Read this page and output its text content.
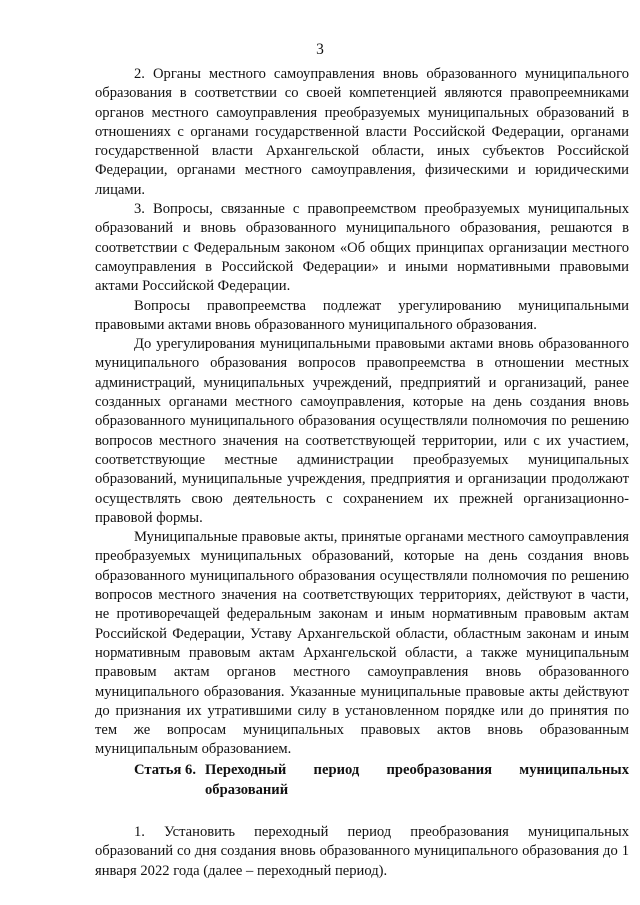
3

2. Органы местного самоуправления вновь образованного муниципального образования в соответствии со своей компетенцией являются правопреемниками органов местного самоуправления преобразуемых муниципальных образований в отношениях с органами государственной власти Российской Федерации, органами государственной власти Архангельской области, иных субъектов Российской Федерации, органами местного самоуправления, физическими и юридическими лицами.

3. Вопросы, связанные с правопреемством преобразуемых муниципальных образований и вновь образованного муниципального образования, решаются в соответствии с Федеральным законом «Об общих принципах организации местного самоуправления в Российской Федерации» и иными нормативными правовыми актами Российской Федерации.

Вопросы правопреемства подлежат урегулированию муниципальными правовыми актами вновь образованного муниципального образования.

До урегулирования муниципальными правовыми актами вновь образованного муниципального образования вопросов правопреемства в отношении местных администраций, муниципальных учреждений, предприятий и организаций, ранее созданных органами местного самоуправления, которые на день создания вновь образованного муниципального образования осуществляли полномочия по решению вопросов местного значения на соответствующей территории, или с их участием, соответствующие местные администрации преобразуемых муниципальных образований, муниципальные учреждения, предприятия и организации продолжают осуществлять свою деятельность с сохранением их прежней организационно-правовой формы.

Муниципальные правовые акты, принятые органами местного самоуправления преобразуемых муниципальных образований, которые на день создания вновь образованного муниципального образования осуществляли полномочия по решению вопросов местного значения на соответствующих территориях, действуют в части, не противоречащей федеральным законам и иным нормативным правовым актам Российской Федерации, Уставу Архангельской области, областным законам и иным нормативным правовым актам Архангельской области, а также муниципальным правовым актам органов местного самоуправления вновь образованного муниципального образования. Указанные муниципальные правовые акты действуют до признания их утратившими силу в установленном порядке или до принятия по тем же вопросам муниципальных правовых актов вновь образованным муниципальным образованием.

Статья 6. Переходный период преобразования муниципальных образований

1. Установить переходный период преобразования муниципальных образований со дня создания вновь образованного муниципального образования до 1 января 2022 года (далее – переходный период).
